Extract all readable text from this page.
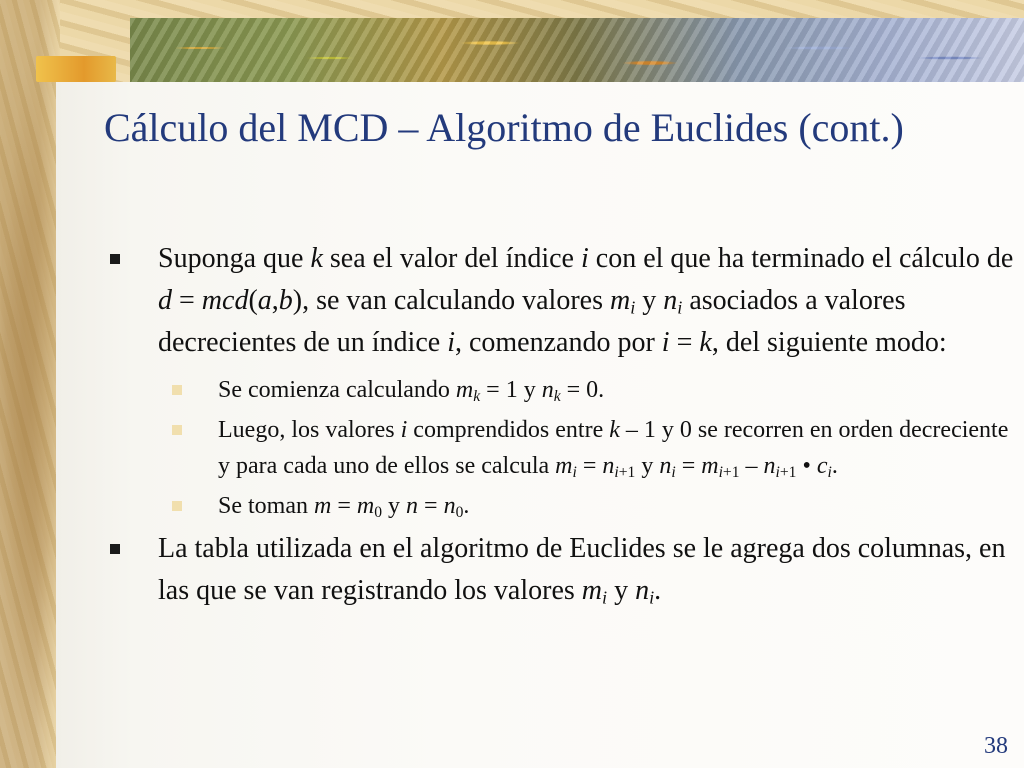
Cálculo del MCD – Algoritmo de Euclides (cont.)
Suponga que k sea el valor del índice i con el que ha terminado el cálculo de d = mcd(a,b), se van calculando valores $m_i$ y $n_i$ asociados a valores decrecientes de un índice i, comenzando por i = k, del siguiente modo:
Se comienza calculando $m_k = 1$ y $n_k = 0$.
Luego, los valores i comprendidos entre k – 1 y 0 se recorren en orden decreciente y para cada uno de ellos se calcula $m_i = n_{i+1}$ y $n_i = m_{i+1} - n_{i+1}$ • $c_i$.
Se toman $m = m_0$ y $n = n_0$.
La tabla utilizada en el algoritmo de Euclides se le agrega dos columnas, en las que se van registrando los valores $m_i$ y $n_i$.
38
